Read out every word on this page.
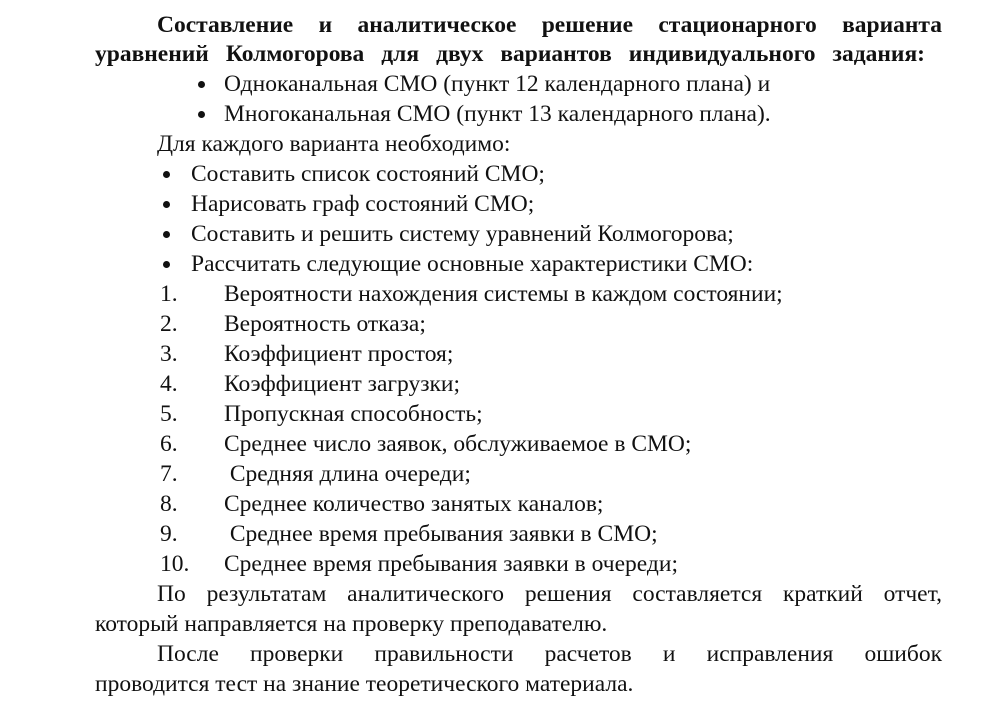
Составление и аналитическое решение стационарного варианта
уравнений Колмогорова для двух вариантов индивидуального задания:
Одноканальная СМО (пункт 12 календарного плана) и
Многоканальная СМО (пункт 13 календарного плана).
Для каждого варианта необходимо:
Составить список состояний СМО;
Нарисовать граф состояний СМО;
Составить и решить систему уравнений Колмогорова;
Рассчитать следующие основные характеристики СМО:
1. Вероятности нахождения системы в каждом состоянии;
2. Вероятность отказа;
3. Коэффициент простоя;
4. Коэффициент загрузки;
5. Пропускная способность;
6. Среднее число заявок, обслуживаемое в СМО;
7. Средняя длина очереди;
8. Среднее количество занятых каналов;
9. Среднее время пребывания заявки в СМО;
10. Среднее время пребывания заявки в очереди;
По результатам аналитического решения составляется краткий отчет,
который направляется на проверку преподавателю.
После проверки правильности расчетов и исправления ошибок
проводится тест на знание теоретического материала.
